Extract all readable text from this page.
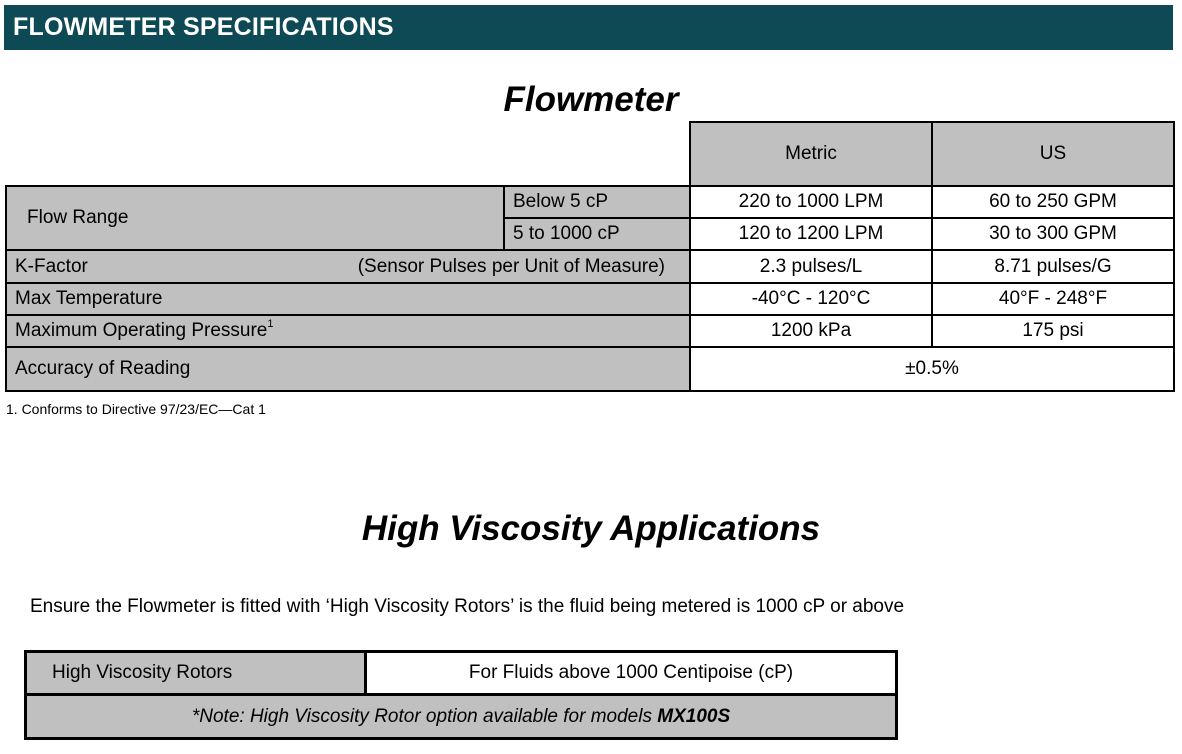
FLOWMETER SPECIFICATIONS
Flowmeter
		Metric	US
Flow Range	Below 5 cP	220 to 1000 LPM	60 to 250 GPM
	5 to 1000 cP	120 to 1200 LPM	30 to 300 GPM

K-Factor (Sensor Pulses per Unit of Measure)		2.3 pulses/L	8.71 pulses/G
Max Temperature		-40°C - 120°C	40°F - 248°F
Maximum Operating Pressure$^1$		1200 kPa	175 psi
Accuracy of Reading		±0.5%	
1. Conforms to Directive 97/23/EC—Cat 1
High Viscosity Applications
Ensure the Flowmeter is fitted with ‘High Viscosity Rotors’ is the fluid being metered is 1000 cP or above
High Viscosity Rotors	For Fluids above 1000 Centipoise (cP)
*Note: High Viscosity Rotor option available for models MX100S
